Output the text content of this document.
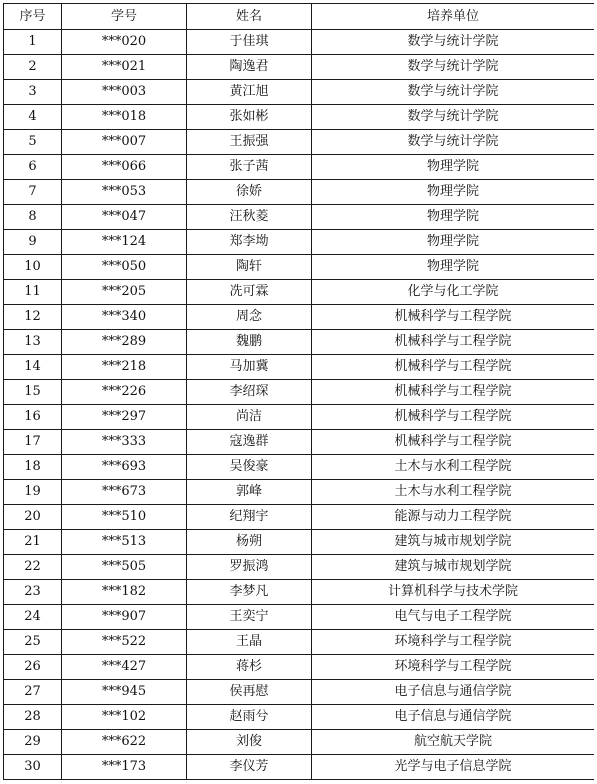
序号	学号	姓名	培养单位
1	***020	于佳琪	数学与统计学院
2	***021	陶逸君	数学与统计学院
3	***003	黄江旭	数学与统计学院
4	***018	张如彬	数学与统计学院
5	***007	王振强	数学与统计学院
6	***066	张子茜	物理学院
7	***053	徐娇	物理学院
8	***047	汪秋菱	物理学院
9	***124	郑李坳	物理学院
10	***050	陶轩	物理学院
11	***205	冼可霖	化学与化工学院
12	***340	周念	机械科学与工程学院
13	***289	魏鹏	机械科学与工程学院
14	***218	马加冀	机械科学与工程学院
15	***226	李绍琛	机械科学与工程学院
16	***297	尚洁	机械科学与工程学院
17	***333	寇逸群	机械科学与工程学院
18	***693	吴俊豪	土木与水利工程学院
19	***673	郭峰	土木与水利工程学院
20	***510	纪翔宇	能源与动力工程学院
21	***513	杨朔	建筑与城市规划学院
22	***505	罗振鸿	建筑与城市规划学院
23	***182	李梦凡	计算机科学与技术学院
24	***907	王奕宁	电气与电子工程学院
25	***522	王晶	环境科学与工程学院
26	***427	蒋杉	环境科学与工程学院
27	***945	侯再慰	电子信息与通信学院
28	***102	赵雨兮	电子信息与通信学院
29	***622	刘俊	航空航天学院
30	***173	李仪芳	光学与电子信息学院
